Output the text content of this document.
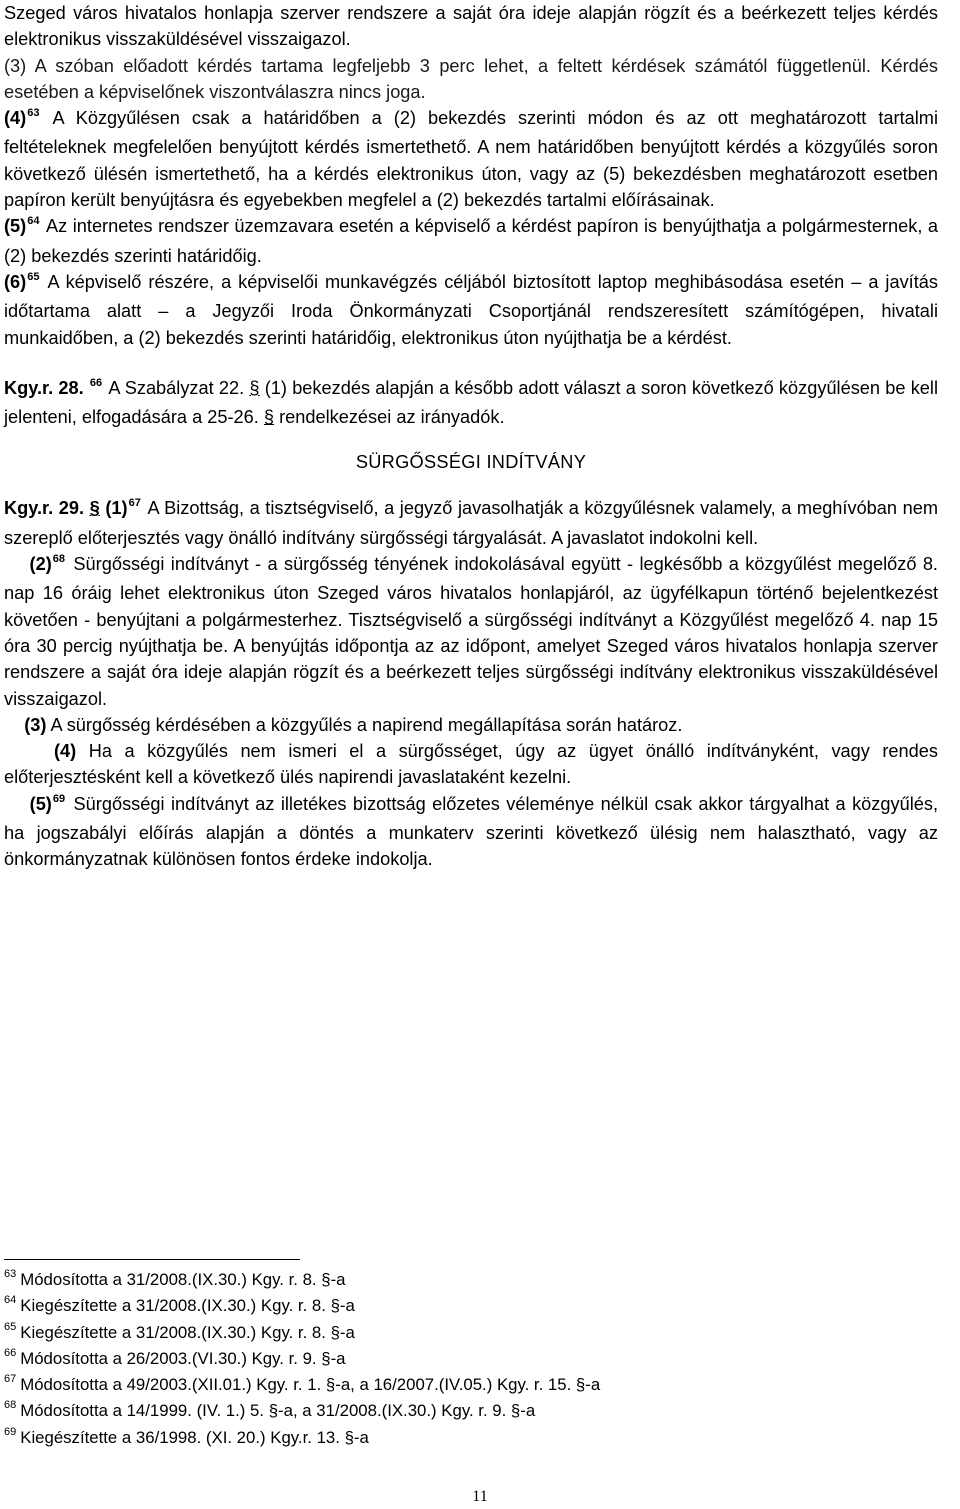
Szeged város hivatalos honlapja szerver rendszere a saját óra ideje alapján rögzít és a beérkezett teljes kérdés elektronikus visszaküldésével visszaigazol.

(3) A szóban előadott kérdés tartama legfeljebb 3 perc lehet, a feltett kérdések számától függetlenül. Kérdés esetében a képviselőnek viszontválaszra nincs joga.

$(4)^{63}$ A Közgyűlésen csak a határidőben a (2) bekezdés szerinti módon és az ott meghatározott tartalmi feltételeknek megfelelően benyújtott kérdés ismertethető. A nem határidőben benyújtott kérdés a közgyűlés soron következő ülésén ismertethető, ha a kérdés elektronikus úton, vagy az (5) bekezdésben meghatározott esetben papíron került benyújtásra és egyebekben megfelel a (2) bekezdés tartalmi előírásainak.

$(5)^{64}$ Az internetes rendszer üzemzavara esetén a képviselő a kérdést papíron is benyújthatja a polgármesternek, a (2) bekezdés szerinti határidőig.

$(6)^{65}$ A képviselő részére, a képviselői munkavégzés céljából biztosított laptop meghibásodása esetén – a javítás időtartama alatt – a Jegyzői Iroda Önkormányzati Csoportjánál rendszeresített számítógépen, hivatali munkaidőben, a (2) bekezdés szerinti határidőig, elektronikus úton nyújthatja be a kérdést.

Kgy.r. 28. $^{66}$ A Szabályzat 22. § (1) bekezdés alapján a később adott választ a soron következő közgyűlésen be kell jelenteni, elfogadására a 25-26. § rendelkezései az irányadók.

SÜRGŐSSÉGI INDÍTVÁNY

Kgy.r. 29. § $(1)^{67}$ A Bizottság, a tisztségviselő, a jegyző javasolhatják a közgyűlésnek valamely, a meghívóban nem szereplő előterjesztés vagy önálló indítvány sürgősségi tárgyalását. A javaslatot indokolni kell.

$(2)^{68}$ Sürgősségi indítványt - a sürgősség tényének indokolásával együtt - legkésőbb a közgyűlést megelőző 8. nap 16 óráig lehet elektronikus úton Szeged város hivatalos honlapjáról, az ügyfélkapun történő bejelentkezést követően - benyújtani a polgármesterhez. Tisztségviselő a sürgősségi indítványt a Közgyűlést megelőző 4. nap 15 óra 30 percig nyújthatja be. A benyújtás időpontja az az időpont, amelyet Szeged város hivatalos honlapja szerver rendszere a saját óra ideje alapján rögzít és a beérkezett teljes sürgősségi indítvány elektronikus visszaküldésével visszaigazol.

(3) A sürgősség kérdésében a közgyűlés a napirend megállapítása során határoz.

(4) Ha a közgyűlés nem ismeri el a sürgősséget, úgy az ügyet önálló indítványként, vagy rendes előterjesztésként kell a következő ülés napirendi javaslataként kezelni.

$(5)^{69}$ Sürgősségi indítványt az illetékes bizottság előzetes véleménye nélkül csak akkor tárgyalhat a közgyűlés, ha jogszabályi előírás alapján a döntés a munkaterv szerinti következő ülésig nem halasztható, vagy az önkormányzatnak különösen fontos érdeke indokolja.

$^{63}$ Módosította a 31/2008.(IX.30.) Kgy. r. 8. §-a

$^{64}$ Kiegészítette a 31/2008.(IX.30.) Kgy. r. 8. §-a

$^{65}$ Kiegészítette a 31/2008.(IX.30.) Kgy. r. 8. §-a

$^{66}$ Módosította a 26/2003.(VI.30.) Kgy. r. 9. §-a

$^{67}$ Módosította a 49/2003.(XII.01.) Kgy. r. 1. §-a, a 16/2007.(IV.05.) Kgy. r. 15. §-a

$^{68}$ Módosította a 14/1999. (IV. 1.) 5. §-a, a 31/2008.(IX.30.) Kgy. r. 9. §-a

$^{69}$ Kiegészítette a 36/1998. (XI. 20.) Kgy.r. 13. §-a

11
